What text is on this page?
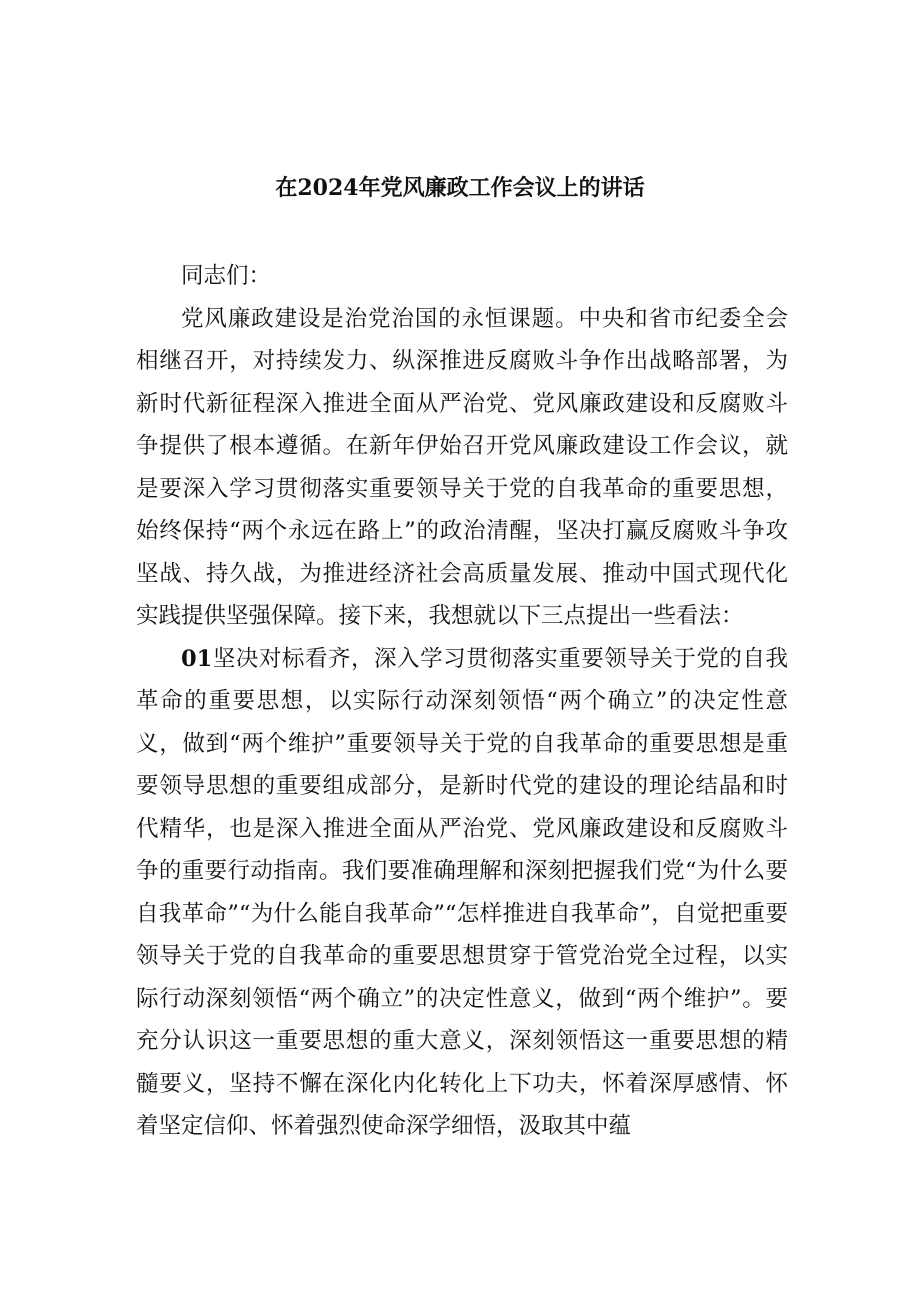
在2024年党风廉政工作会议上的讲话

同志们：

党风廉政建设是治党治国的永恒课题。中央和省市纪委全会相继召开，对持续发力、纵深推进反腐败斗争作出战略部署，为新时代新征程深入推进全面从严治党、党风廉政建设和反腐败斗争提供了根本遵循。在新年伊始召开党风廉政建设工作会议，就是要深入学习贯彻落实重要领导关于党的自我革命的重要思想，始终保持“两个永远在路上”的政治清醒，坚决打赢反腐败斗争攻坚战、持久战，为推进经济社会高质量发展、推动中国式现代化实践提供坚强保障。接下来，我想就以下三点提出一些看法：

01坚决对标看齐，深入学习贯彻落实重要领导关于党的自我革命的重要思想，以实际行动深刻领悟“两个确立”的决定性意义，做到“两个维护”重要领导关于党的自我革命的重要思想是重要领导思想的重要组成部分，是新时代党的建设的理论结晶和时代精华，也是深入推进全面从严治党、党风廉政建设和反腐败斗争的重要行动指南。我们要准确理解和深刻把握我们党“为什么要自我革命”“为什么能自我革命”“怎样推进自我革命”，自觉把重要领导关于党的自我革命的重要思想贯穿于管党治党全过程，以实际行动深刻领悟“两个确立”的决定性意义，做到“两个维护”。要充分认识这一重要思想的重大意义，深刻领悟这一重要思想的精髓要义，坚持不懈在深化内化转化上下功夫，怀着深厚感情、怀着坚定信仰、怀着强烈使命深学细悟，汲取其中蕴
